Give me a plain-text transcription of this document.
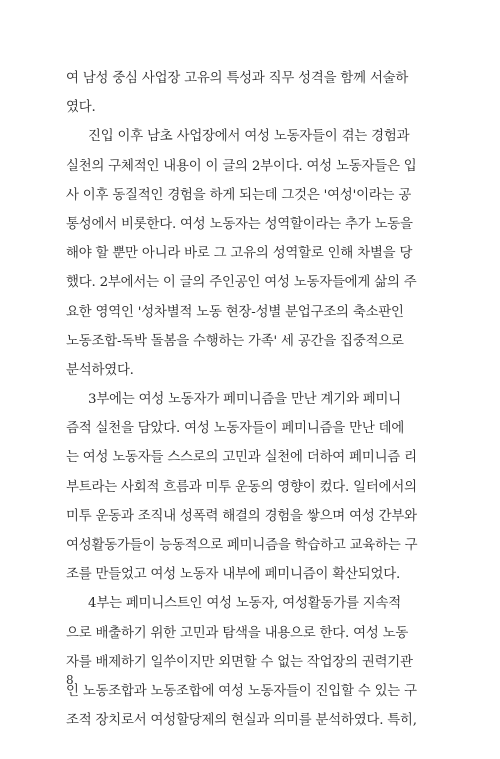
여 남성 중심 사업장 고유의 특성과 직무 성격을 함께 서술하
였다.
진입 이후 남초 사업장에서 여성 노동자들이 겪는 경험과
실천의 구체적인 내용이 이 글의 2부이다. 여성 노동자들은 입
사 이후 동질적인 경험을 하게 되는데 그것은 '여성'이라는 공
통성에서 비롯한다. 여성 노동자는 성역할이라는 추가 노동을
해야 할 뿐만 아니라 바로 그 고유의 성역할로 인해 차별을 당
했다. 2부에서는 이 글의 주인공인 여성 노동자들에게 삶의 주
요한 영역인 '성차별적 노동 현장-성별 분업구조의 축소판인
노동조합-독박 돌봄을 수행하는 가족' 세 공간을 집중적으로
분석하였다.
3부에는 여성 노동자가 페미니즘을 만난 계기와 페미니
즘적 실천을 담았다. 여성 노동자들이 페미니즘을 만난 데에
는 여성 노동자들 스스로의 고민과 실천에 더하여 페미니즘 리
부트라는 사회적 흐름과 미투 운동의 영향이 컸다. 일터에서의
미투 운동과 조직내 성폭력 해결의 경험을 쌓으며 여성 간부와
여성활동가들이 능동적으로 페미니즘을 학습하고 교육하는 구
조를 만들었고 여성 노동자 내부에 페미니즘이 확산되었다.
4부는 페미니스트인 여성 노동자, 여성활동가를 지속적
으로 배출하기 위한 고민과 탐색을 내용으로 한다. 여성 노동
자를 배제하기 일쑤이지만 외면할 수 없는 작업장의 권력기관
인 노동조합과 노동조합에 여성 노동자들이 진입할 수 있는 구
조적 장치로서 여성할당제의 현실과 의미를 분석하였다. 특히,
8
